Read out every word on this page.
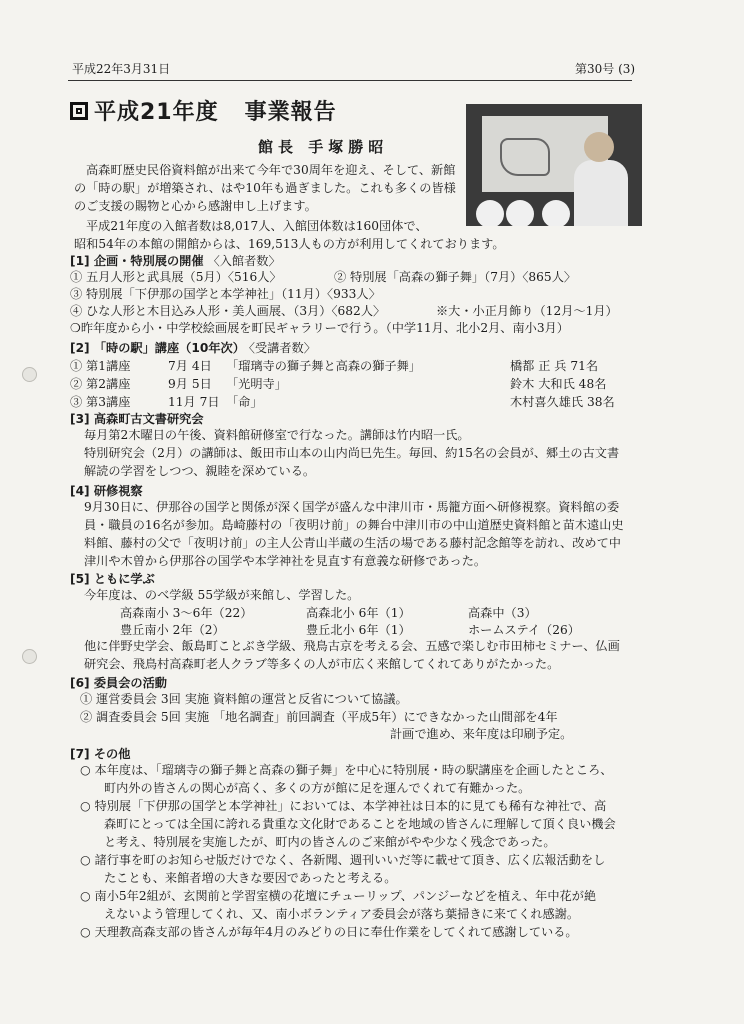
平成22年3月31日	第30号 (3)
平成21年度 事業報告
館長 手塚勝昭
高森町歴史民俗資料館が出来て今年で30周年を迎え、そして、新館
の「時の駅」が増築され、はや10年も過ぎました。これも多くの皆様
のご支援の賜物と心から感謝申し上げます。
平成21年度の入館者数は8,017人、入館団体数は160団体で、
昭和54年の本館の開館からは、169,513人もの方が利用してくれております。
[1] 企画・特別展の開催 〈入館者数〉
① 五月人形と武具展（5月）〈516人〉	② 特別展「高森の獅子舞」（7月）〈865人〉
③ 特別展「下伊那の国学と本学神社」（11月）〈933人〉
④ ひな人形と木目込み人形・美人画展、（3月）〈682人〉	※大・小正月飾り（12月～1月）
❍昨年度から小・中学校絵画展を町民ギャラリーで行う。（中学11月、北小2月、南小3月）
[2] 「時の駅」講座（10年次） 〈受講者数〉
① 第1講座	7月 4日 「瑠璃寺の獅子舞と高森の獅子舞」	橋都 正 兵 71名
② 第2講座	9月 5日 「光明寺」	鈴木 大和氏 48名
③ 第3講座	11月 7日 「命」	木村喜久雄氏 38名
[3] 高森町古文書研究会
毎月第2木曜日の午後、資料館研修室で行なった。講師は竹内昭一氏。
特別研究会（2月）の講師は、飯田市山本の山内尚巳先生。毎回、約15名の会員が、郷土の古文書
解読の学習をしつつ、親睦を深めている。
[4] 研修視察
9月30日に、伊那谷の国学と関係が深く国学が盛んな中津川市・馬籠方面へ研修視察。資料館の委
員・職員の16名が参加。島崎藤村の「夜明け前」の舞台中津川市の中山道歴史資料館と苗木遠山史
料館、藤村の父で「夜明け前」の主人公青山半蔵の生活の場である藤村記念館等を訪れ、改めて中
津川や木曽から伊那谷の国学や本学神社を見直す有意義な研修であった。
[5] ともに学ぶ
今年度は、のべ学級 55学級が来館し、学習した。
高森南小 3～6年（22）	高森北小 6年（1）	高森中（3）
豊丘南小 2年（2）	豊丘北小 6年（1）	ホームステイ（26）
他に伴野史学会、飯島町ことぶき学級、飛鳥古京を考える会、五感で楽しむ市田柿セミナー、仏画
研究会、飛鳥村高森町老人クラブ等多くの人が市広く来館してくれてありがたかった。
[6] 委員会の活動
① 運営委員会 3回 実施 資料館の運営と反省について協議。
② 調査委員会 5回 実施 「地名調査」前回調査（平成5年）にできなかった山間部を4年
計画で進め、来年度は印刷予定。
[7] その他
○ 本年度は、「瑠璃寺の獅子舞と高森の獅子舞」を中心に特別展・時の駅講座を企画したところ、
町内外の皆さんの関心が高く、多くの方が館に足を運んでくれて有難かった。
○ 特別展「下伊那の国学と本学神社」においては、本学神社は日本的に見ても稀有な神社で、高
森町にとっては全国に誇れる貴重な文化財であることを地域の皆さんに理解して頂く良い機会
と考え、特別展を実施したが、町内の皆さんのご来館がやや少なく残念であった。
○ 諸行事を町のお知らせ版だけでなく、各新聞、週刊いいだ等に載せて頂き、広く広報活動をし
たことも、来館者増の大きな要因であったと考える。
○ 南小5年2組が、玄関前と学習室横の花壇にチューリップ、パンジーなどを植え、年中花が絶
えないよう管理してくれ、又、南小ボランティア委員会が落ち葉掃きに来てくれ感謝。
○ 天理教高森支部の皆さんが毎年4月のみどりの日に奉仕作業をしてくれて感謝している。
